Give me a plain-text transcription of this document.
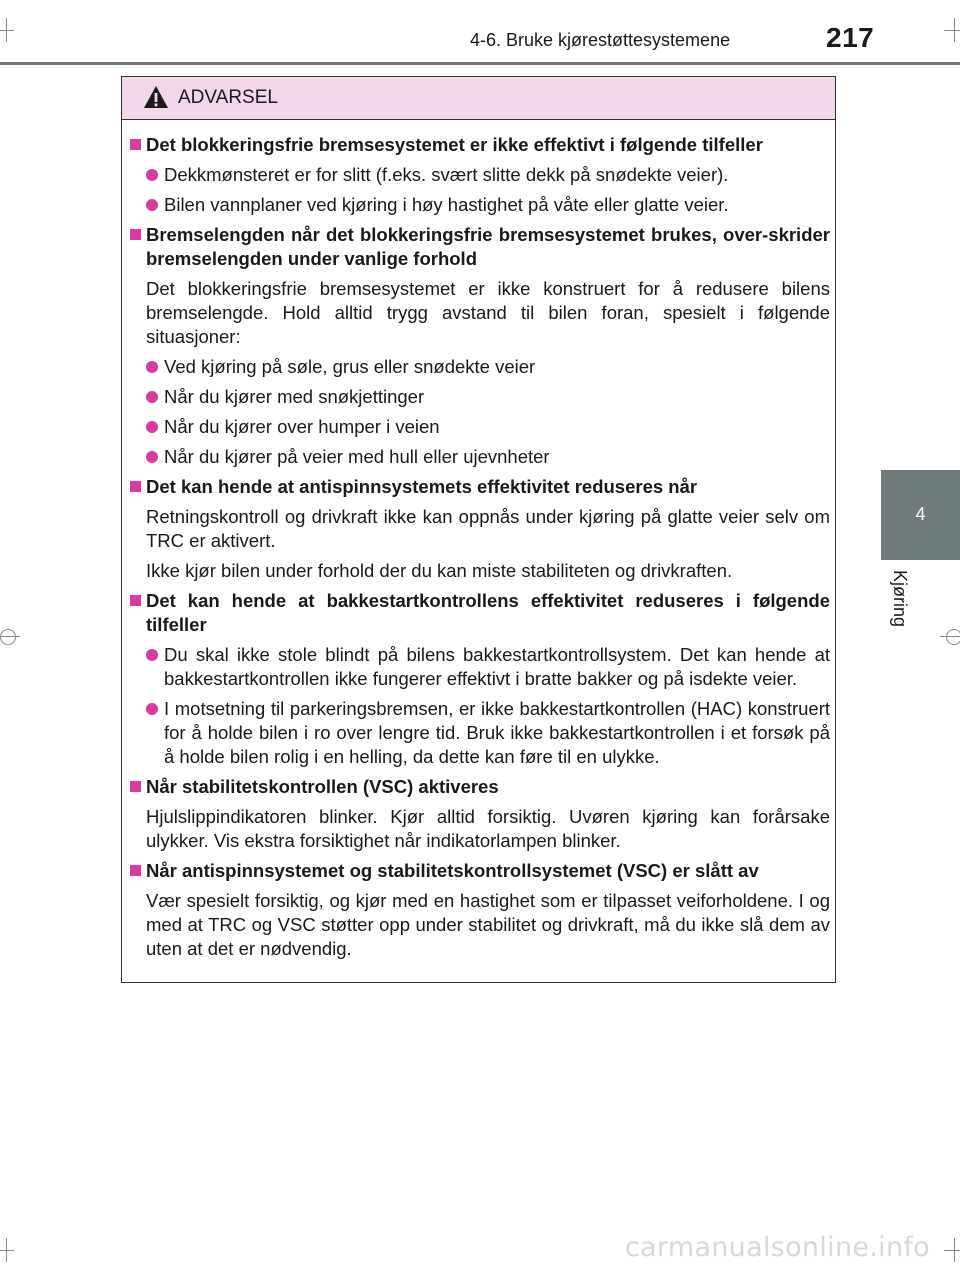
4-6. Bruke kjørestøttesystemene	217
4
Kjøring
ADVARSEL
Det blokkeringsfrie bremsesystemet er ikke effektivt i følgende tilfeller
Dekkmønsteret er for slitt (f.eks. svært slitte dekk på snødekte veier).
Bilen vannplaner ved kjøring i høy hastighet på våte eller glatte veier.
Bremselengden når det blokkeringsfrie bremsesystemet brukes, over-skrider bremselengden under vanlige forhold
Det blokkeringsfrie bremsesystemet er ikke konstruert for å redusere bilens bremselengde. Hold alltid trygg avstand til bilen foran, spesielt i følgende situasjoner:
Ved kjøring på søle, grus eller snødekte veier
Når du kjører med snøkjettinger
Når du kjører over humper i veien
Når du kjører på veier med hull eller ujevnheter
Det kan hende at antispinnsystemets effektivitet reduseres når
Retningskontroll og drivkraft ikke kan oppnås under kjøring på glatte veier selv om TRC er aktivert.
Ikke kjør bilen under forhold der du kan miste stabiliteten og drivkraften.
Det kan hende at bakkestartkontrollens effektivitet reduseres i følgende tilfeller
Du skal ikke stole blindt på bilens bakkestartkontrollsystem. Det kan hende at bakkestartkontrollen ikke fungerer effektivt i bratte bakker og på isdekte veier.
I motsetning til parkeringsbremsen, er ikke bakkestartkontrollen (HAC) konstruert for å holde bilen i ro over lengre tid. Bruk ikke bakkestartkontrollen i et forsøk på å holde bilen rolig i en helling, da dette kan føre til en ulykke.
Når stabilitetskontrollen (VSC) aktiveres
Hjulslippindikatoren blinker. Kjør alltid forsiktig. Uvøren kjøring kan forårsake ulykker. Vis ekstra forsiktighet når indikatorlampen blinker.
Når antispinnsystemet og stabilitetskontrollsystemet (VSC) er slått av
Vær spesielt forsiktig, og kjør med en hastighet som er tilpasset veiforholdene. I og med at TRC og VSC støtter opp under stabilitet og drivkraft, må du ikke slå dem av uten at det er nødvendig.
carmanualsonline.info
